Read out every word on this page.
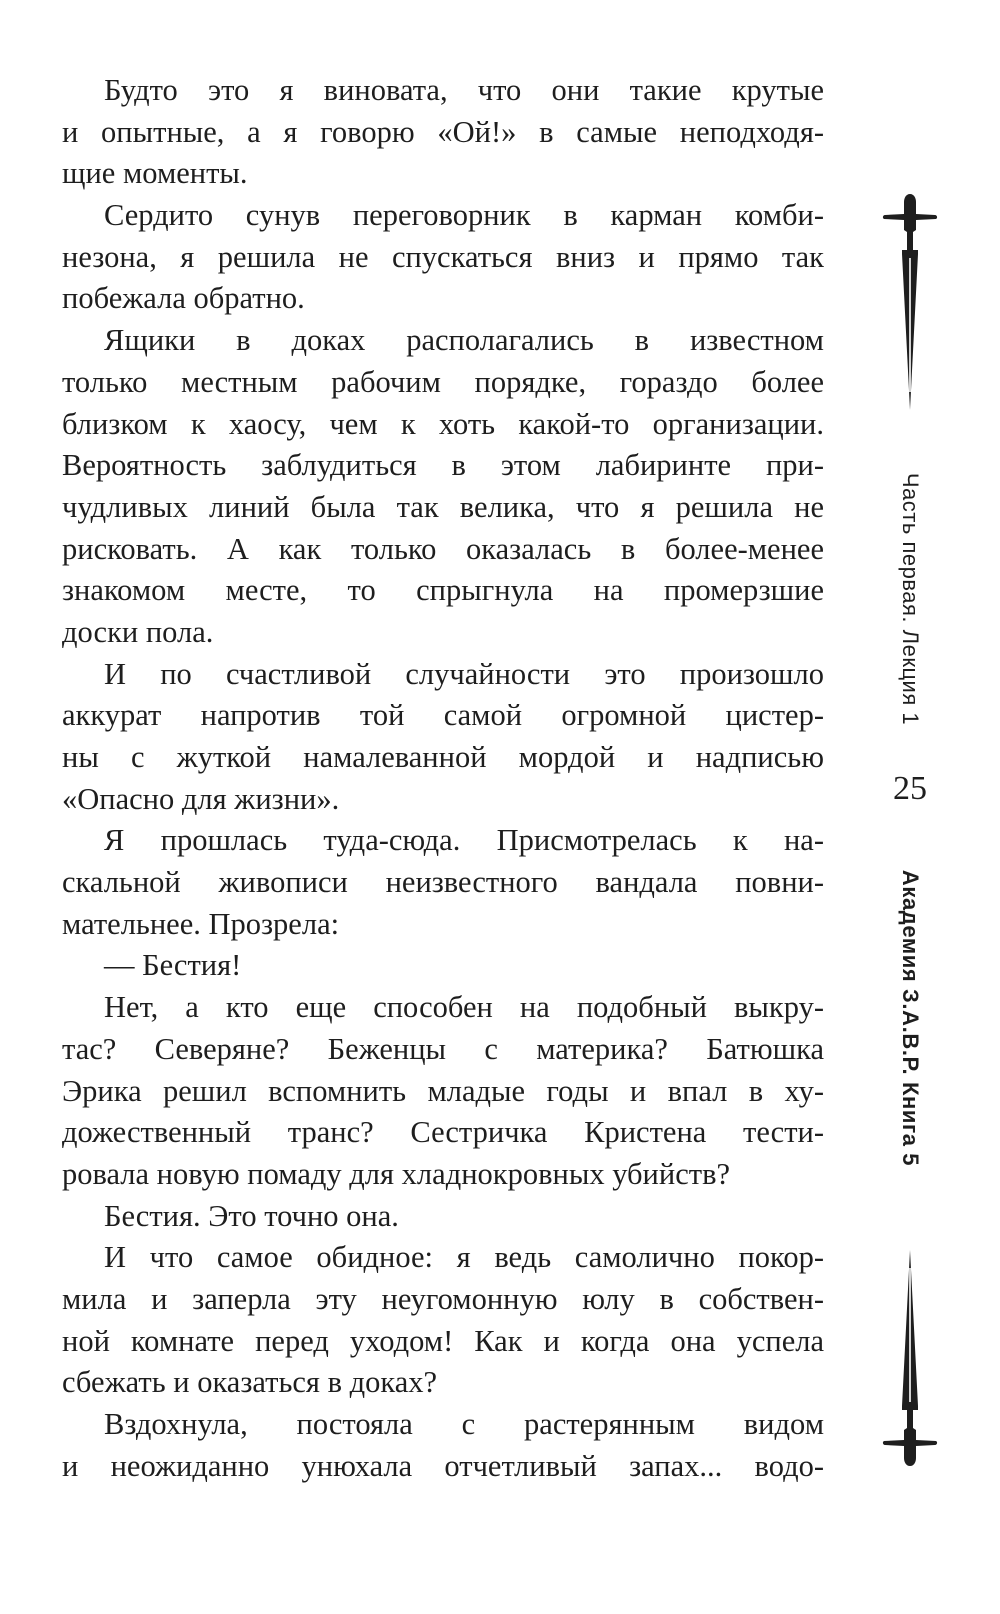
Будто это я виновата, что они такие крутые
и опытные, а я говорю «Ой!» в самые неподходя-
щие моменты.
Сердито сунув переговорник в карман комби-
незона, я решила не спускаться вниз и прямо так
побежала обратно.
Ящики в доках располагались в известном
только местным рабочим порядке, гораздо более
близком к хаосу, чем к хоть какой-то организации.
Вероятность заблудиться в этом лабиринте при-
чудливых линий была так велика, что я решила не
рисковать. А как только оказалась в более-менее
знакомом месте, то спрыгнула на промерзшие
доски пола.
И по счастливой случайности это произошло
аккурат напротив той самой огромной цистер-
ны с жуткой намалеванной мордой и надписью
«Опасно для жизни».
Я прошлась туда-сюда. Присмотрелась к на-
скальной живописи неизвестного вандала повни-
мательнее. Прозрела:
— Бестия!
Нет, а кто еще способен на подобный выкру-
тас? Северяне? Беженцы с материка? Батюшка
Эрика решил вспомнить младые годы и впал в ху-
дожественный транс? Сестричка Кристена тести-
ровала новую помаду для хладнокровных убийств?
Бестия. Это точно она.
И что самое обидное: я ведь самолично покор-
мила и заперла эту неугомонную юлу в собствен-
ной комнате перед уходом! Как и когда она успела
сбежать и оказаться в доках?
Вздохнула, постояла с растерянным видом
и неожиданно унюхала отчетливый запах... водо-
Часть первая. Лекция 1
25
Академия З.А.В.Р. Книга 5
